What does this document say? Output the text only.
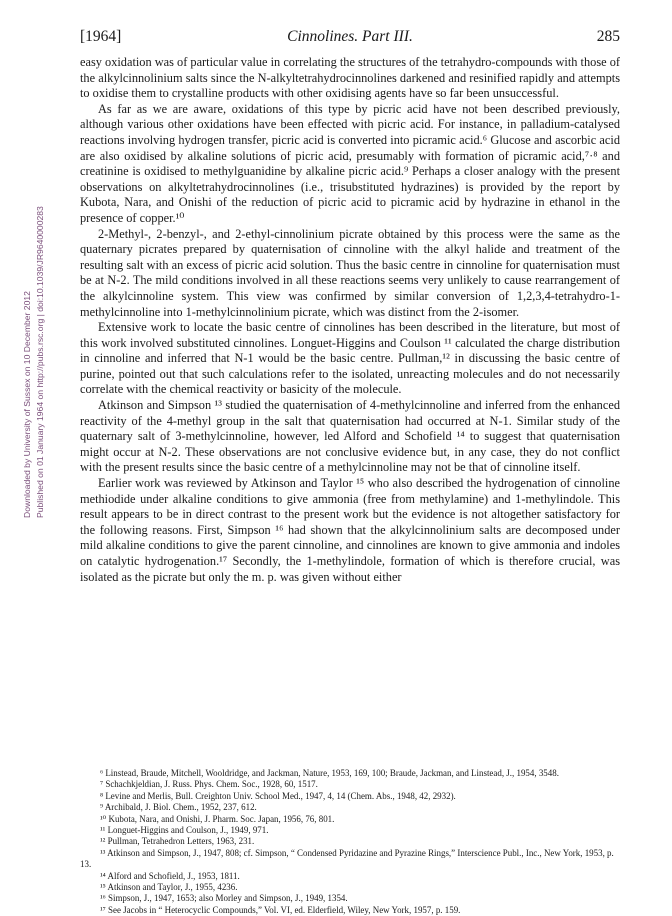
[1964]	Cinnolines. Part III.	285
Downloaded by University of Sussex on 10 December 2012 Published on 01 January 1964 on http://pubs.rsc.org | doi:10.1039/JR9640000283

easy oxidation was of particular value in correlating the structures of the tetrahydro-compounds with those of the alkylcinnolinium salts since the N-alkyltetrahydrocinnolines darkened and resinified rapidly and attempts to oxidise them to crystalline products with other oxidising agents have so far been unsuccessful.

As far as we are aware, oxidations of this type by picric acid have not been described previously, although various other oxidations have been effected with picric acid. For instance, in palladium-catalysed reactions involving hydrogen transfer, picric acid is converted into picramic acid.⁶ Glucose and ascorbic acid are also oxidised by alkaline solutions of picric acid, presumably with formation of picramic acid,⁷·⁸ and creatinine is oxidised to methylguanidine by alkaline picric acid.⁹ Perhaps a closer analogy with the present observations on alkyltetrahydrocinnolines (i.e., trisubstituted hydrazines) is provided by the report by Kubota, Nara, and Onishi of the reduction of picric acid to picramic acid by hydrazine in ethanol in the presence of copper.¹⁰

2-Methyl-, 2-benzyl-, and 2-ethyl-cinnolinium picrate obtained by this process were the same as the quaternary picrates prepared by quaternisation of cinnoline with the alkyl halide and treatment of the resulting salt with an excess of picric acid solution. Thus the basic centre in cinnoline for quaternisation must be at N-2. The mild conditions involved in all these reactions seems very unlikely to cause rearrangement of the alkylcinnoline system. This view was confirmed by similar conversion of 1,2,3,4-tetrahydro-1-methylcinnoline into 1-methylcinnolinium picrate, which was distinct from the 2-isomer.

Extensive work to locate the basic centre of cinnolines has been described in the literature, but most of this work involved substituted cinnolines. Longuet-Higgins and Coulson ¹¹ calculated the charge distribution in cinnoline and inferred that N-1 would be the basic centre. Pullman,¹² in discussing the basic centre of purine, pointed out that such calculations refer to the isolated, unreacting molecules and do not necessarily correlate with the chemical reactivity or basicity of the molecule.

Atkinson and Simpson ¹³ studied the quaternisation of 4-methylcinnoline and inferred from the enhanced reactivity of the 4-methyl group in the salt that quaternisation had occurred at N-1. Similar study of the quaternary salt of 3-methylcinnoline, however, led Alford and Schofield ¹⁴ to suggest that quaternisation might occur at N-2. These observations are not conclusive evidence but, in any case, they do not conflict with the present results since the basic centre of a methylcinnoline may not be that of cinnoline itself.

Earlier work was reviewed by Atkinson and Taylor ¹⁵ who also described the hydrogenation of cinnoline methiodide under alkaline conditions to give ammonia (free from methylamine) and 1-methylindole. This result appears to be in direct contrast to the present work but the evidence is not altogether satisfactory for the following reasons. First, Simpson ¹⁶ had shown that the alkylcinnolinium salts are decomposed under mild alkaline conditions to give the parent cinnoline, and cinnolines are known to give ammonia and indoles on catalytic hydrogenation.¹⁷ Secondly, the 1-methylindole, formation of which is therefore crucial, was isolated as the picrate but only the m. p. was given without either

⁶ Linstead, Braude, Mitchell, Wooldridge, and Jackman, Nature, 1953, 169, 100; Braude, Jackman, and Linstead, J., 1954, 3548.
⁷ Schachkjeldian, J. Russ. Phys. Chem. Soc., 1928, 60, 1517.
⁸ Levine and Merlis, Bull. Creighton Univ. School Med., 1947, 4, 14 (Chem. Abs., 1948, 42, 2932).
⁹ Archibald, J. Biol. Chem., 1952, 237, 612.
¹⁰ Kubota, Nara, and Onishi, J. Pharm. Soc. Japan, 1956, 76, 801.
¹¹ Longuet-Higgins and Coulson, J., 1949, 971.
¹² Pullman, Tetrahedron Letters, 1963, 231.
¹³ Atkinson and Simpson, J., 1947, 808; cf. Simpson, “ Condensed Pyridazine and Pyrazine Rings,” Interscience Publ., Inc., New York, 1953, p. 13.
¹⁴ Alford and Schofield, J., 1953, 1811.
¹⁵ Atkinson and Taylor, J., 1955, 4236.
¹⁶ Simpson, J., 1947, 1653; also Morley and Simpson, J., 1949, 1354.
¹⁷ See Jacobs in “ Heterocyclic Compounds,” Vol. VI, ed. Elderfield, Wiley, New York, 1957, p. 159.
